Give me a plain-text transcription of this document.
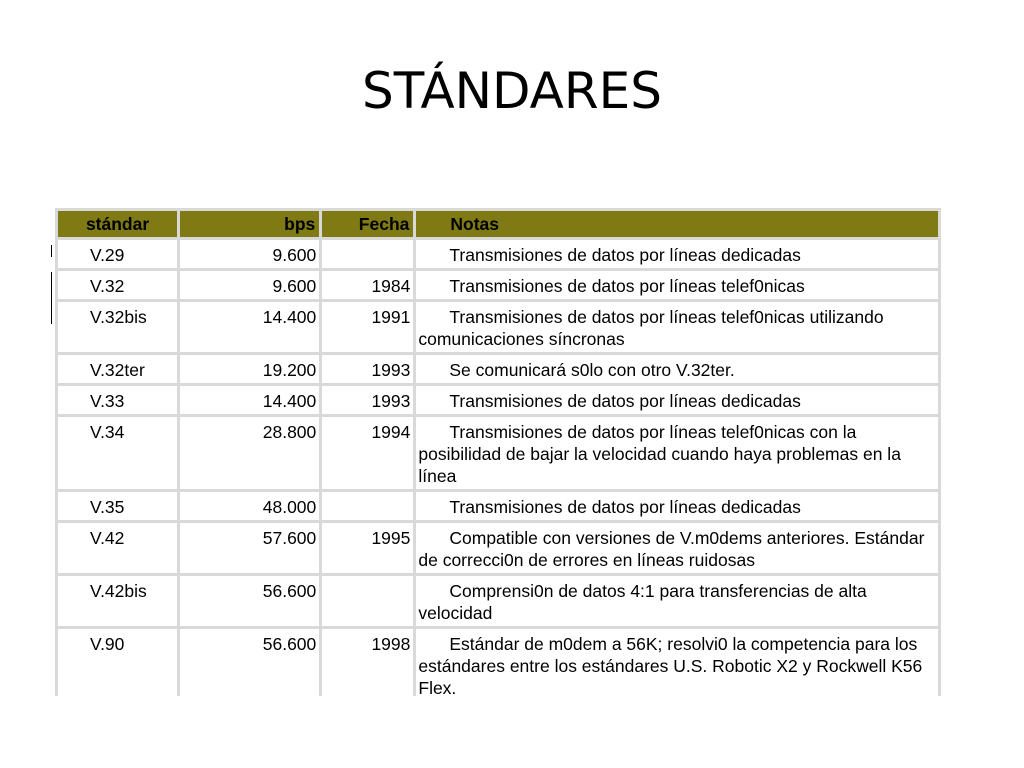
STÁNDARES
stándar	bps	Fecha	Notas
V.29	9.600		Transmisiones de datos por líneas dedicadas
V.32	9.600	1984	Transmisiones de datos por líneas telef0nicas
V.32bis	14.400	1991	Transmisiones de datos por líneas telef0nicas utilizando comunicaciones síncronas
V.32ter	19.200	1993	Se comunicará s0lo con otro V.32ter.
V.33	14.400	1993	Transmisiones de datos por líneas dedicadas
V.34	28.800	1994	Transmisiones de datos por líneas telef0nicas con la posibilidad de bajar la velocidad cuando haya problemas en la línea
V.35	48.000		Transmisiones de datos por líneas dedicadas
V.42	57.600	1995	Compatible con versiones de V.m0dems anteriores. Estándar de correcci0n de errores en líneas ruidosas
V.42bis	56.600		Comprensi0n de datos 4:1 para transferencias de alta velocidad
V.90	56.600	1998	Estándar de m0dem a 56K; resolvi0 la competencia para los estándares entre los estándares U.S. Robotic X2 y Rockwell K56 Flex.
